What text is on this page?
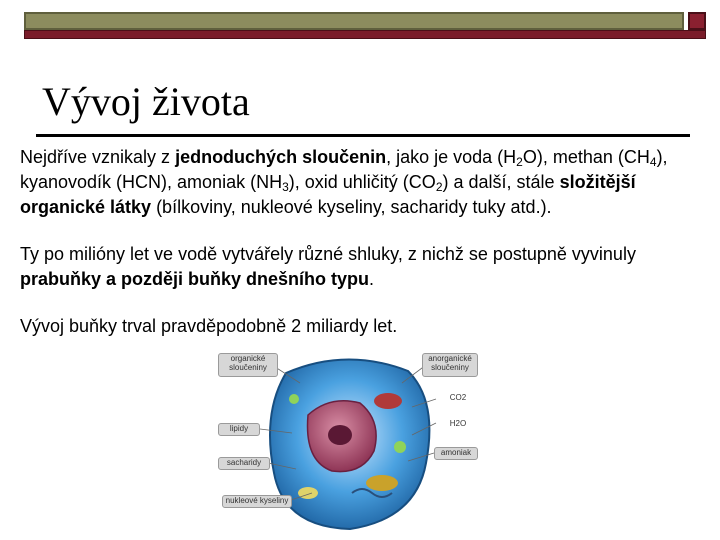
Vývoj života

Nejdříve vznikaly z jednoduchých sloučenin, jako je voda $(H_2O)$, methan $(CH_4)$, kyanovodík (HCN), amoniak $(NH_3)$, oxid uhličitý $(CO_2)$ a další, stále složitější organické látky (bílkoviny, nukleové kyseliny, sacharidy tuky atd.).

Ty po milióny let ve vodě vytvářely různé shluky, z nichž se postupně vyvinuly prabuňky a později buňky dnešního typu.

Vývoj buňky trval pravděpodobně 2 miliardy let.

organické sloučeniny
lipidy
sacharidy
nukleové kyseliny
anorganické sloučeniny
CO2
H2O
amoniak
